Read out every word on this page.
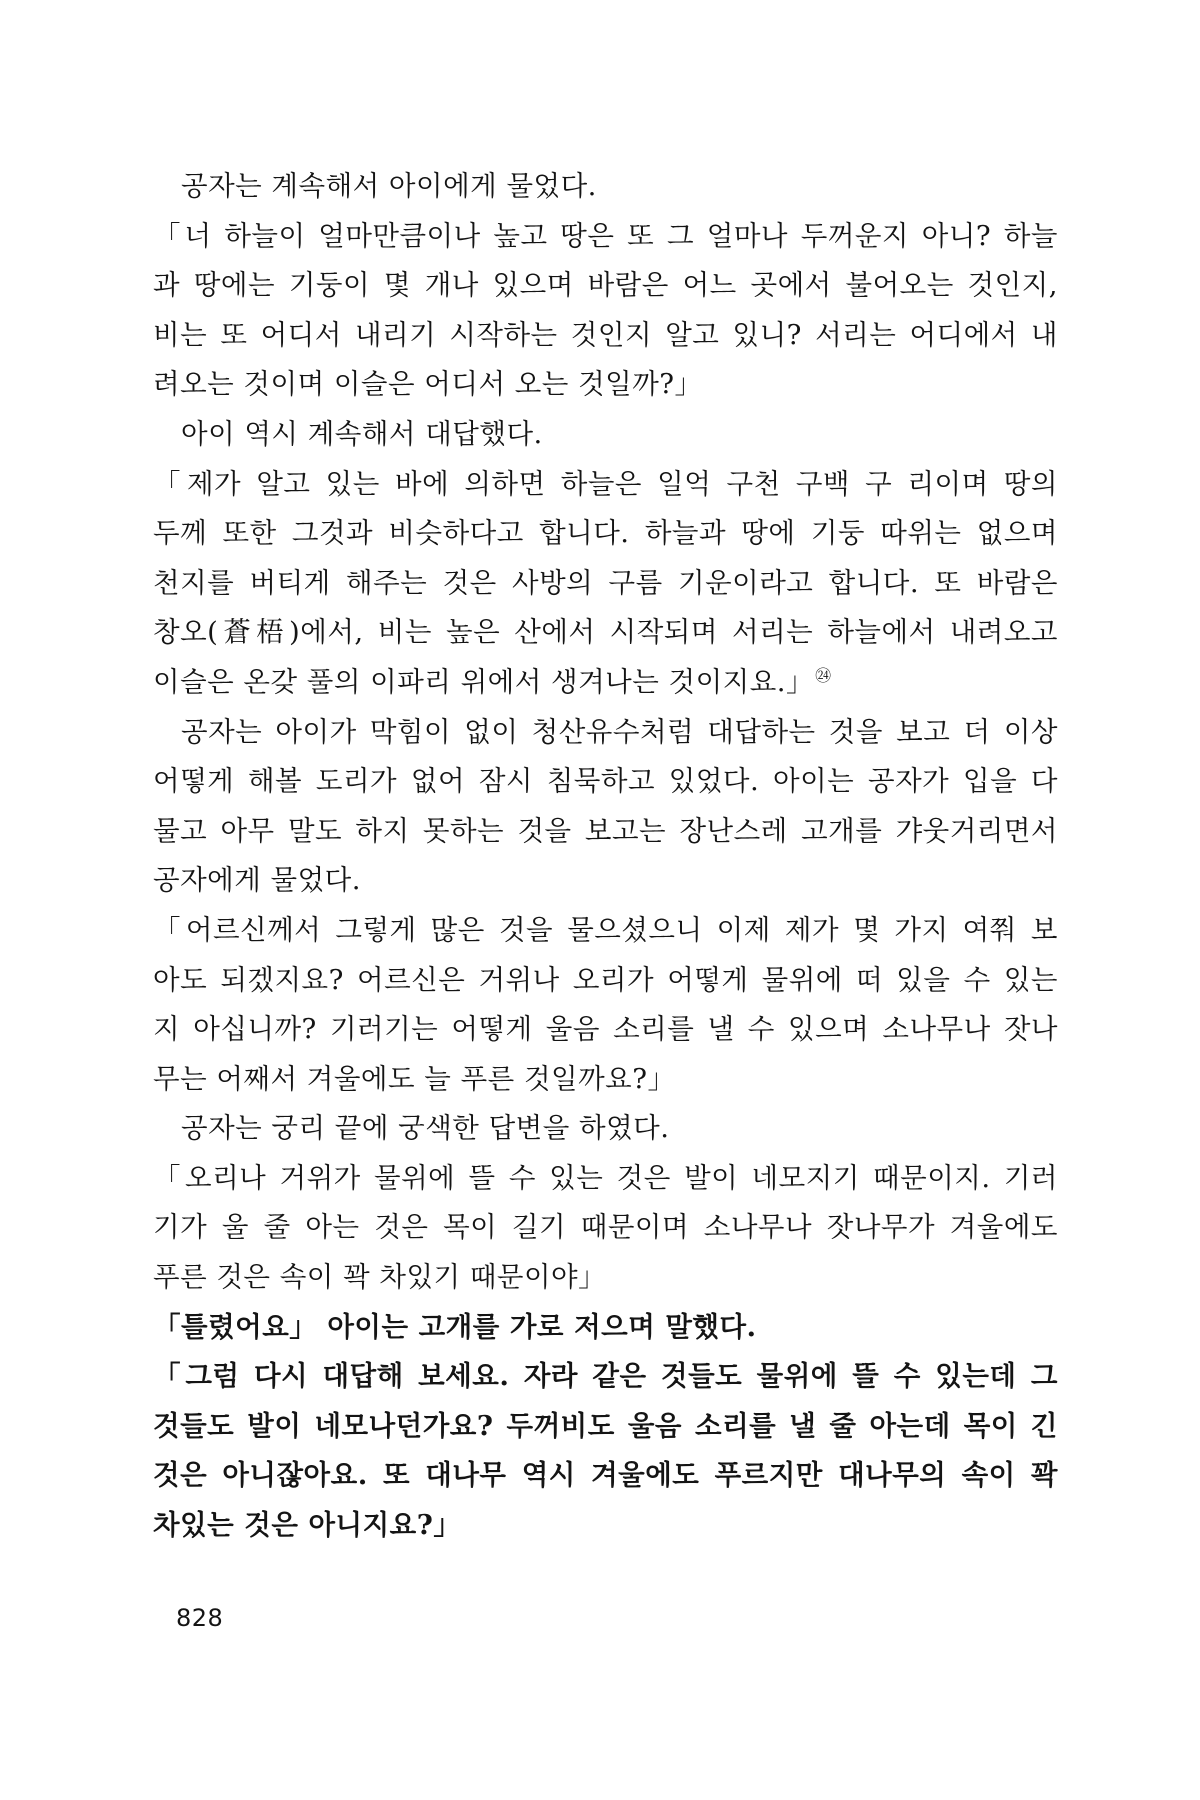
공자는 계속해서 아이에게 물었다.
「너 하늘이 얼마만큼이나 높고 땅은 또 그 얼마나 두꺼운지 아니? 하늘
과 땅에는 기둥이 몇 개나 있으며 바람은 어느 곳에서 불어오는 것인지,
비는 또 어디서 내리기 시작하는 것인지 알고 있니? 서리는 어디에서 내
려오는 것이며 이슬은 어디서 오는 것일까?」
아이 역시 계속해서 대답했다.
「제가 알고 있는 바에 의하면 하늘은 일억 구천 구백 구 리이며 땅의
두께 또한 그것과 비슷하다고 합니다. 하늘과 땅에 기둥 따위는 없으며
천지를 버티게 해주는 것은 사방의 구름 기운이라고 합니다. 또 바람은
창오(蒼梧)에서, 비는 높은 산에서 시작되며 서리는 하늘에서 내려오고
이슬은 온갖 풀의 이파리 위에서 생겨나는 것이지요.」$^㉔$
공자는 아이가 막힘이 없이 청산유수처럼 대답하는 것을 보고 더 이상
어떻게 해볼 도리가 없어 잠시 침묵하고 있었다. 아이는 공자가 입을 다
물고 아무 말도 하지 못하는 것을 보고는 장난스레 고개를 갸웃거리면서
공자에게 물었다.
「어르신께서 그렇게 많은 것을 물으셨으니 이제 제가 몇 가지 여쭤 보
아도 되겠지요? 어르신은 거위나 오리가 어떻게 물위에 떠 있을 수 있는
지 아십니까? 기러기는 어떻게 울음 소리를 낼 수 있으며 소나무나 잣나
무는 어째서 겨울에도 늘 푸른 것일까요?」
공자는 궁리 끝에 궁색한 답변을 하였다.
「오리나 거위가 물위에 뜰 수 있는 것은 발이 네모지기 때문이지. 기러
기가 울 줄 아는 것은 목이 길기 때문이며 소나무나 잣나무가 겨울에도
푸른 것은 속이 꽉 차있기 때문이야」
「틀렸어요」 아이는 고개를 가로 저으며 말했다.
「그럼 다시 대답해 보세요. 자라 같은 것들도 물위에 뜰 수 있는데 그
것들도 발이 네모나던가요? 두꺼비도 울음 소리를 낼 줄 아는데 목이 긴
것은 아니잖아요. 또 대나무 역시 겨울에도 푸르지만 대나무의 속이 꽉
차있는 것은 아니지요?」
828
